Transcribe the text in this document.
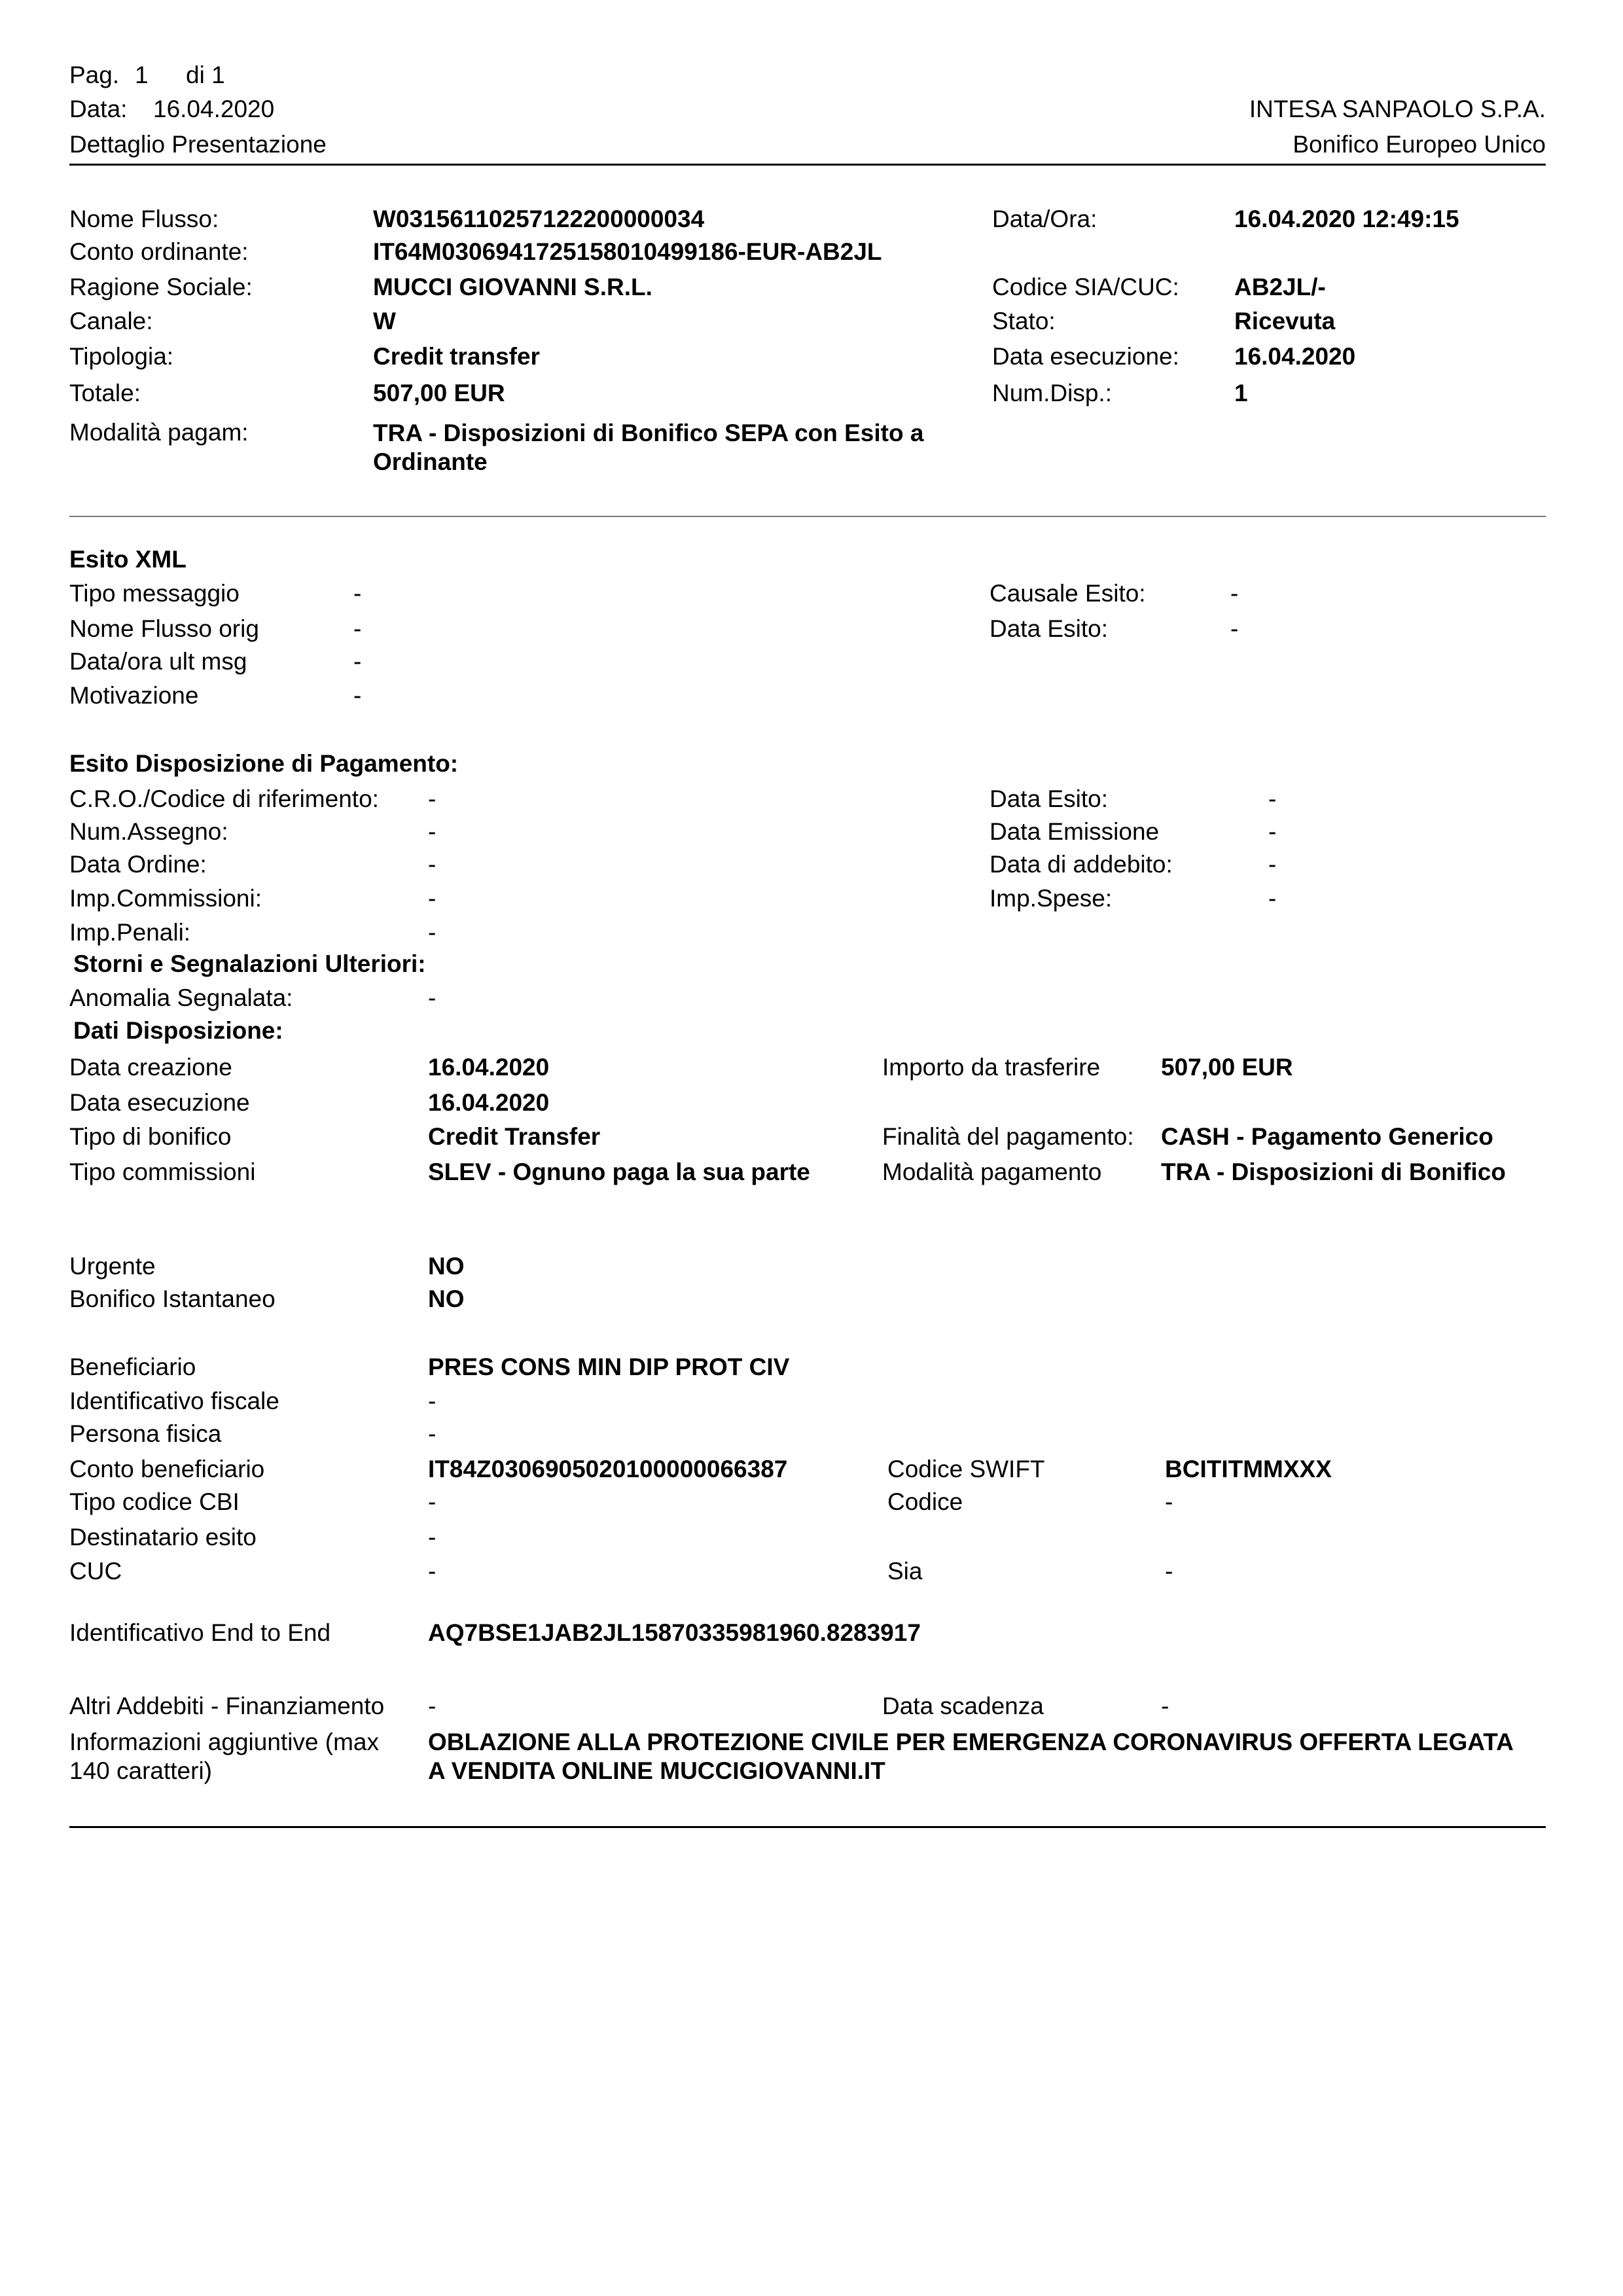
Pag. 1 di 1
Data: 16.04.2020
Dettaglio Presentazione
INTESA SANPAOLO S.P.A.
Bonifico Europeo Unico
Nome Flusso:	W03156110257122200000034	Data/Ora:	16.04.2020 12:49:15
Conto ordinante:	IT64M0306941725158010499186-EUR-AB2JL
Ragione Sociale:	MUCCI GIOVANNI S.R.L.	Codice SIA/CUC: AB2JL/-
Canale:	W	Stato:	Ricevuta
Tipologia:	Credit transfer	Data esecuzione: 16.04.2020
Totale:	507,00 EUR	Num.Disp.:	1
Modalità pagam:	TRA - Disposizioni di Bonifico SEPA con Esito a Ordinante
Esito XML
Tipo messaggio	-	Causale Esito:	-
Nome Flusso orig	-	Data Esito:	-
Data/ora ult msg	-
Motivazione	-
Esito Disposizione di Pagamento:
C.R.O./Codice di riferimento: -	Data Esito:	-
Num.Assegno:	-	Data Emissione	-
Data Ordine:	-	Data di addebito:	-
Imp.Commissioni:	-	Imp.Spese:	-
Imp.Penali:	-
Storni e Segnalazioni Ulteriori:
Anomalia Segnalata:	-
Dati Disposizione:
Data creazione	16.04.2020	Importo da trasferire	507,00 EUR
Data esecuzione	16.04.2020
Tipo di bonifico	Credit Transfer	Finalità del pagamento: CASH - Pagamento Generico
Tipo commissioni	SLEV - Ognuno paga la sua parte	Modalità pagamento TRA - Disposizioni di Bonifico
Urgente	NO
Bonifico Istantaneo	NO
Beneficiario	PRES CONS MIN DIP PROT CIV
Identificativo fiscale	-
Persona fisica	-
Conto beneficiario	IT84Z0306905020100000066387	Codice SWIFT	BCITITMMXXX
Tipo codice CBI	-	Codice	-
Destinatario esito	-
CUC	-	Sia	-
Identificativo End to End	AQ7BSE1JAB2JL15870335981960.8283917
Altri Addebiti - Finanziamento -	Data scadenza	-
Informazioni aggiuntive (max 140 caratteri)
OBLAZIONE ALLA PROTEZIONE CIVILE PER EMERGENZA CORONAVIRUS OFFERTA LEGATA A VENDITA ONLINE MUCCIGIOVANNI.IT
